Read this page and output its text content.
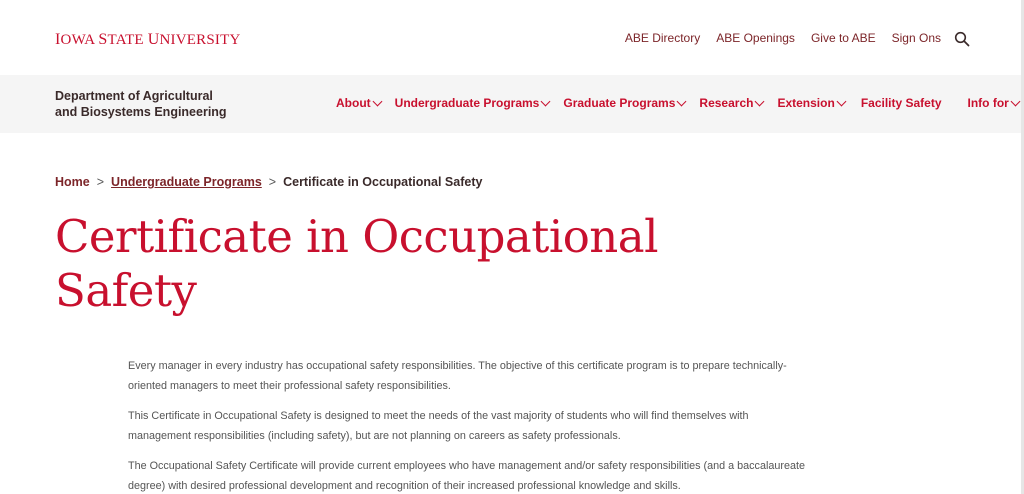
IOWA STATE UNIVERSITY	ABE Directory ABE Openings Give to ABE Sign Ons
Department of Agricultural
and Biosystems Engineering
About Undergraduate Programs Graduate Programs Research Extension Facility Safety Info for
Home > Undergraduate Programs > Certificate in Occupational Safety
Certificate in Occupational Safety

Every manager in every industry has occupational safety responsibilities. The objective of this certificate program is to prepare technically-oriented managers to meet their professional safety responsibilities.

This Certificate in Occupational Safety is designed to meet the needs of the vast majority of students who will find themselves with management responsibilities (including safety), but are not planning on careers as safety professionals.

The Occupational Safety Certificate will provide current employees who have management and/or safety responsibilities (and a baccalaureate degree) with desired professional development and recognition of their increased professional knowledge and skills.
